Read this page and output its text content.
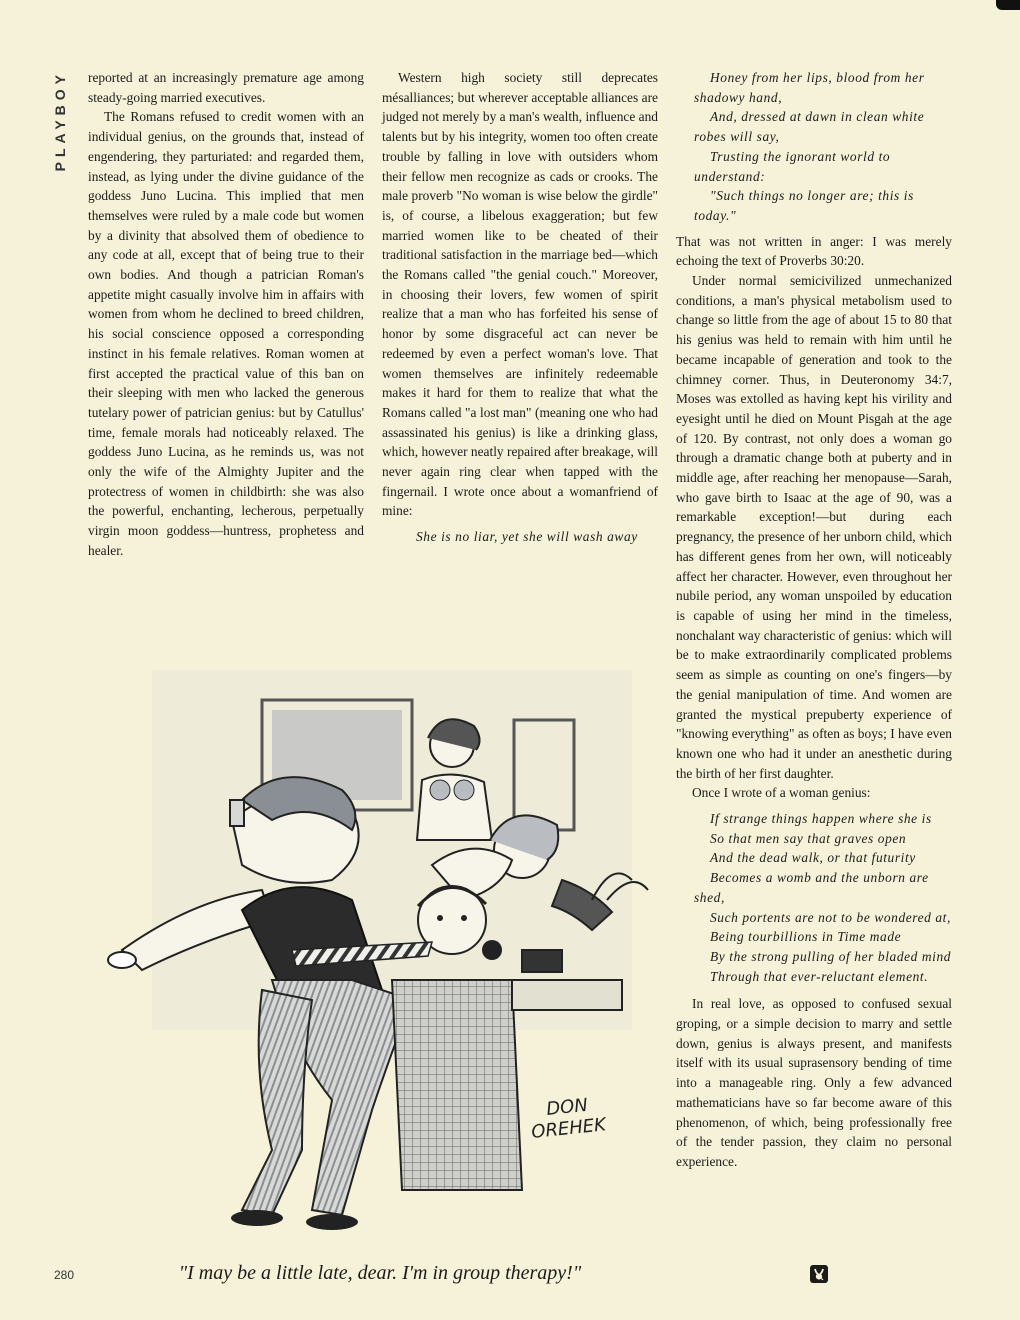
PLAYBOY	reported at an increasingly premature age among steady-going married executives.

The Romans refused to credit women with an individual genius, on the grounds that, instead of engendering, they parturiated: and regarded them, instead, as lying under the divine guidance of the goddess Juno Lucina. This implied that men themselves were ruled by a male code but women by a divinity that absolved them of obedience to any code at all, except that of being true to their own bodies. And though a patrician Roman's appetite might casually involve him in affairs with women from whom he declined to breed children, his social conscience opposed a corresponding instinct in his female relatives. Roman women at first accepted the practical value of this ban on their sleeping with men who lacked the generous tutelary power of patrician genius: but by Catullus' time, female morals had noticeably relaxed. The goddess Juno Lucina, as he reminds us, was not only the wife of the Almighty Jupiter and the protectress of women in childbirth: she was also the powerful, enchanting, lecherous, perpetually virgin moon goddess—huntress, prophetess and healer.

Western high society still deprecates mésalliances; but wherever acceptable alliances are judged not merely by a man's wealth, influence and talents but by his integrity, women too often create trouble by falling in love with outsiders whom their fellow men recognize as cads or crooks. The male proverb "No woman is wise below the girdle" is, of course, a libelous exaggeration; but few married women like to be cheated of their traditional satisfaction in the marriage bed—which the Romans called "the genial couch." Moreover, in choosing their lovers, few women of spirit realize that a man who has forfeited his sense of honor by some disgraceful act can never be redeemed by even a perfect woman's love. That women themselves are infinitely redeemable makes it hard for them to realize that what the Romans called "a lost man" (meaning one who had assassinated his genius) is like a drinking glass, which, however neatly repaired after breakage, will never again ring clear when tapped with the fingernail. I wrote once about a womanfriend of mine:

She is no liar, yet she will wash away

Honey from her lips, blood from her shadowy hand,

And, dressed at dawn in clean white robes will say,

Trusting the ignorant world to understand:

"Such things no longer are; this is today."

That was not written in anger: I was merely echoing the text of Proverbs 30:20.

Under normal semicivilized unmechanized conditions, a man's physical metabolism used to change so little from the age of about 15 to 80 that his genius was held to remain with him until he became incapable of generation and took to the chimney corner. Thus, in Deuteronomy 34:7, Moses was extolled as having kept his virility and eyesight until he died on Mount Pisgah at the age of 120. By contrast, not only does a woman go through a dramatic change both at puberty and in middle age, after reaching her menopause—Sarah, who gave birth to Isaac at the age of 90, was a remarkable exception!—but during each pregnancy, the presence of her unborn child, which has different genes from her own, will noticeably affect her character. However, even throughout her nubile period, any woman unspoiled by education is capable of using her mind in the timeless, nonchalant way characteristic of genius: which will be to make extraordinarily complicated problems seem as simple as counting on one's fingers—by the genial manipulation of time. And women are granted the mystical prepuberty experience of "knowing everything" as often as boys; I have even known one who had it under an anesthetic during the birth of her first daughter.

Once I wrote of a woman genius:

If strange things happen where she is

So that men say that graves open

And the dead walk, or that futurity

Becomes a womb and the unborn are shed,

Such portents are not to be wondered at,

Being tourbillions in Time made

By the strong pulling of her bladed mind

Through that ever-reluctant element.

In real love, as opposed to confused sexual groping, or a simple decision to marry and settle down, genius is always present, and manifests itself with its usual suprasensory bending of time into a manageable ring. Only a few advanced mathematicians have so far become aware of this phenomenon, of which, being professionally free of the tender passion, they claim no personal experience.

DON
ORЕHEK
280	"I may be a little late, dear. I'm in group therapy!"
